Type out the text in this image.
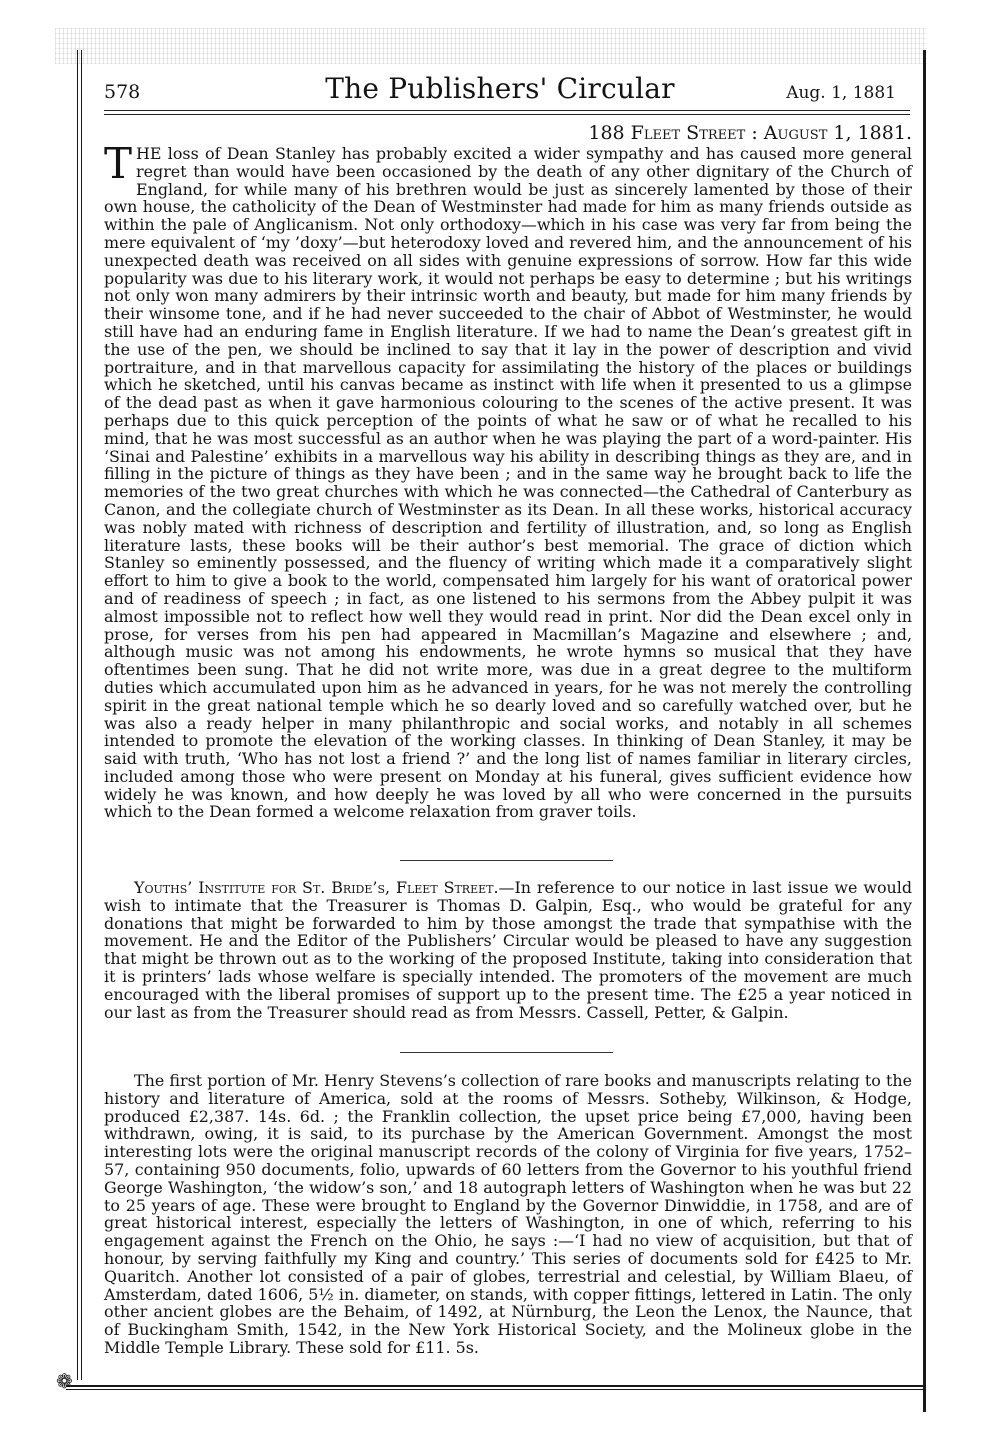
❁
578	The Publishers' Circular	Aug. 1, 1881
188 Fleet Street : August 1, 1881.
T HE loss of Dean Stanley has probably excited a wider sympathy and has caused more general regret than would have been occasioned by the death of any other dignitary of the Church of England, for while many of his brethren would be just as sincerely lamented by those of their own house, the catholicity of the Dean of Westminster had made for him as many friends outside as within the pale of Anglicanism. Not only orthodoxy—which in his case was very far from being the mere equivalent of ‘my ’doxy’—but heterodoxy loved and revered him, and the announcement of his unexpected death was received on all sides with genuine expressions of sorrow. How far this wide popularity was due to his literary work, it would not perhaps be easy to determine ; but his writings not only won many admirers by their intrinsic worth and beauty, but made for him many friends by their winsome tone, and if he had never succeeded to the chair of Abbot of Westminster, he would still have had an enduring fame in English literature. If we had to name the Dean’s greatest gift in the use of the pen, we should be inclined to say that it lay in the power of description and vivid portraiture, and in that marvellous capacity for assimilating the history of the places or buildings which he sketched, until his canvas became as instinct with life when it presented to us a glimpse of the dead past as when it gave harmonious colouring to the scenes of the active present. It was perhaps due to this quick perception of the points of what he saw or of what he recalled to his mind, that he was most successful as an author when he was playing the part of a word-painter. His ‘Sinai and Palestine’ exhibits in a marvellous way his ability in describing things as they are, and in filling in the picture of things as they have been ; and in the same way he brought back to life the memories of the two great churches with which he was connected—the Cathedral of Canterbury as Canon, and the collegiate church of Westminster as its Dean. In all these works, historical accuracy was nobly mated with richness of description and fertility of illustration, and, so long as English literature lasts, these books will be their author’s best memorial. The grace of diction which Stanley so eminently possessed, and the fluency of writing which made it a comparatively slight effort to him to give a book to the world, compensated him largely for his want of oratorical power and of readiness of speech ; in fact, as one listened to his sermons from the Abbey pulpit it was almost impossible not to reflect how well they would read in print. Nor did the Dean excel only in prose, for verses from his pen had appeared in Macmillan’s Magazine and elsewhere ; and, although music was not among his endowments, he wrote hymns so musical that they have oftentimes been sung. That he did not write more, was due in a great degree to the multiform duties which accumulated upon him as he advanced in years, for he was not merely the controlling spirit in the great national temple which he so dearly loved and so carefully watched over, but he was also a ready helper in many philanthropic and social works, and notably in all schemes intended to promote the elevation of the working classes. In thinking of Dean Stanley, it may be said with truth, ‘Who has not lost a friend ?’ and the long list of names familiar in literary circles, included among those who were present on Monday at his funeral, gives sufficient evidence how widely he was known, and how deeply he was loved by all who were concerned in the pursuits which to the Dean formed a welcome relaxation from graver toils.

Youths’ Institute for St. Bride’s, Fleet Street.—In reference to our notice in last issue we would wish to intimate that the Treasurer is Thomas D. Galpin, Esq., who would be grateful for any donations that might be forwarded to him by those amongst the trade that sympathise with the movement. He and the Editor of the Publishers’ Circular would be pleased to have any suggestion that might be thrown out as to the working of the proposed Institute, taking into consideration that it is printers’ lads whose welfare is specially intended. The promoters of the movement are much encouraged with the liberal promises of support up to the present time. The £25 a year noticed in our last as from the Treasurer should read as from Messrs. Cassell, Petter, & Galpin.

The first portion of Mr. Henry Stevens’s collection of rare books and manuscripts relating to the history and literature of America, sold at the rooms of Messrs. Sotheby, Wilkinson, & Hodge, produced £2,387. 14s. 6d. ; the Franklin collection, the upset price being £7,000, having been withdrawn, owing, it is said, to its purchase by the American Government. Amongst the most interesting lots were the original manuscript records of the colony of Virginia for five years, 1752–57, containing 950 documents, folio, upwards of 60 letters from the Governor to his youthful friend George Washington, ‘the widow’s son,’ and 18 autograph letters of Washington when he was but 22 to 25 years of age. These were brought to England by the Governor Dinwiddie, in 1758, and are of great historical interest, especially the letters of Washington, in one of which, referring to his engagement against the French on the Ohio, he says :—‘I had no view of acquisition, but that of honour, by serving faithfully my King and country.’ This series of documents sold for £425 to Mr. Quaritch. Another lot consisted of a pair of globes, terrestrial and celestial, by William Blaeu, of Amsterdam, dated 1606, 5½ in. diameter, on stands, with copper fittings, lettered in Latin. The only other ancient globes are the Behaim, of 1492, at Nürnburg, the Leon the Lenox, the Naunce, that of Buckingham Smith, 1542, in the New York Historical Society, and the Molineux globe in the Middle Temple Library. These sold for £11. 5s.
